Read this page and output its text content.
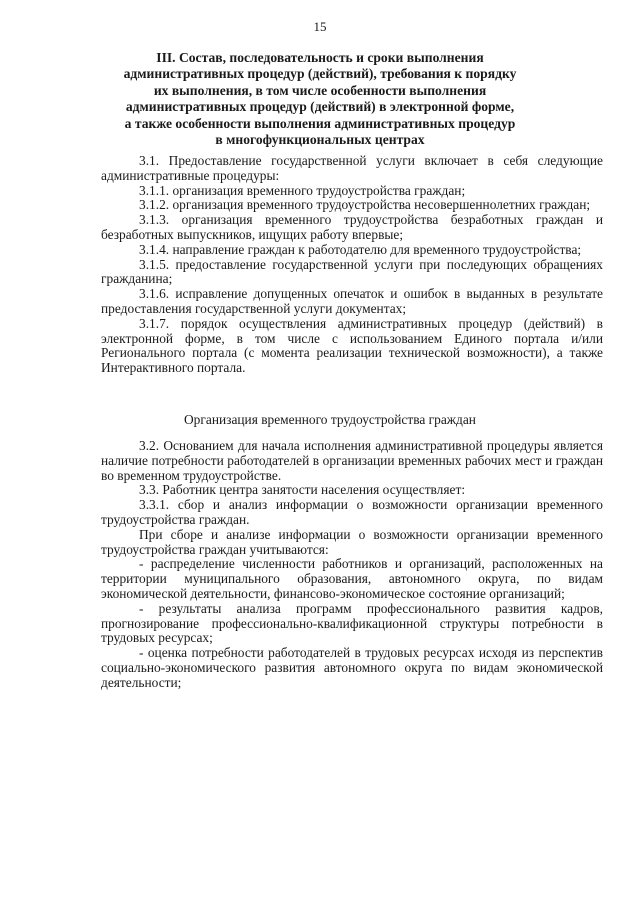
15
III. Состав, последовательность и сроки выполнения
административных процедур (действий), требования к порядку
их выполнения, в том числе особенности выполнения
административных процедур (действий) в электронной форме,
а также особенности выполнения административных процедур
в многофункциональных центрах

3.1. Предоставление государственной услуги включает в себя следующие административные процедуры:

3.1.1. организация временного трудоустройства граждан;

3.1.2. организация временного трудоустройства несовершеннолетних граждан;

3.1.3. организация временного трудоустройства безработных граждан и безработных выпускников, ищущих работу впервые;

3.1.4. направление граждан к работодателю для временного трудоустройства;

3.1.5. предоставление государственной услуги при последующих обращениях гражданина;

3.1.6. исправление допущенных опечаток и ошибок в выданных в результате предоставления государственной услуги документах;

3.1.7. порядок осуществления административных процедур (действий) в электронной форме, в том числе с использованием Единого портала и/или Регионального портала (с момента реализации технической возможности), а также Интерактивного портала.

Организация временного трудоустройства граждан

3.2. Основанием для начала исполнения административной процедуры является наличие потребности работодателей в организации временных рабочих мест и граждан во временном трудоустройстве.

3.3. Работник центра занятости населения осуществляет:

3.3.1. сбор и анализ информации о возможности организации временного трудоустройства граждан.

При сборе и анализе информации о возможности организации временного трудоустройства граждан учитываются:

- распределение численности работников и организаций, расположенных на территории муниципального образования, автономного округа, по видам экономической деятельности, финансово-экономическое состояние организаций;

- результаты анализа программ профессионального развития кадров, прогнозирование профессионально-квалификационной структуры потребности в трудовых ресурсах;

- оценка потребности работодателей в трудовых ресурсах исходя из перспектив социально-экономического развития автономного округа по видам экономической деятельности;
